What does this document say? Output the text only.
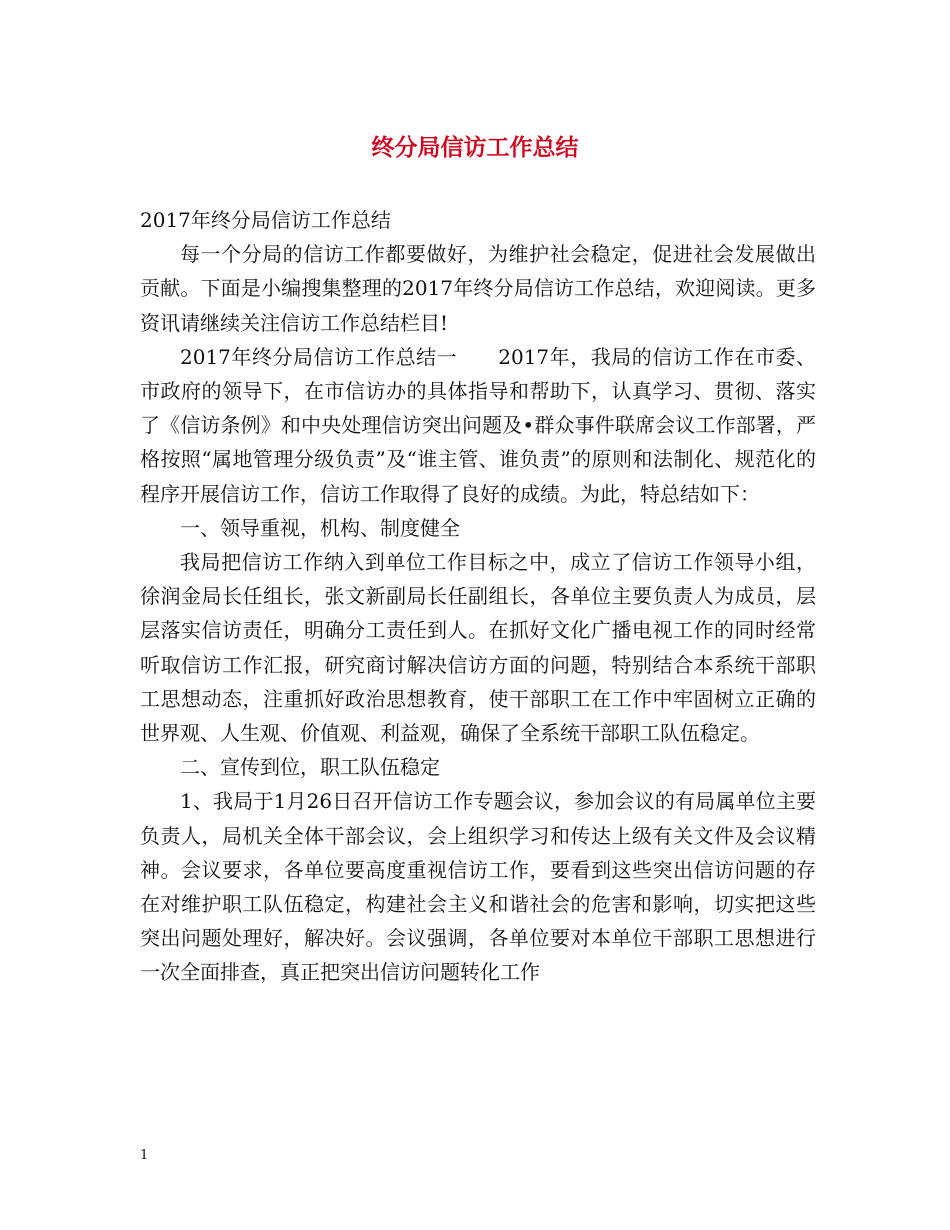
终分局信访工作总结

2017年终分局信访工作总结

每一个分局的信访工作都要做好，为维护社会稳定，促进社会发展做出贡献。下面是小编搜集整理的2017年终分局信访工作总结，欢迎阅读。更多资讯请继续关注信访工作总结栏目!

2017年终分局信访工作总结一　　2017年，我局的信访工作在市委、市政府的领导下，在市信访办的具体指导和帮助下，认真学习、贯彻、落实了《信访条例》和中央处理信访突出问题及•群众事件联席会议工作部署，严格按照“属地管理分级负责”及“谁主管、谁负责”的原则和法制化、规范化的程序开展信访工作，信访工作取得了良好的成绩。为此，特总结如下：

一、领导重视，机构、制度健全

我局把信访工作纳入到单位工作目标之中，成立了信访工作领导小组，徐润金局长任组长，张文新副局长任副组长，各单位主要负责人为成员，层层落实信访责任，明确分工责任到人。在抓好文化广播电视工作的同时经常听取信访工作汇报，研究商讨解决信访方面的问题，特别结合本系统干部职工思想动态，注重抓好政治思想教育，使干部职工在工作中牢固树立正确的世界观、人生观、价值观、利益观，确保了全系统干部职工队伍稳定。

二、宣传到位，职工队伍稳定

1、我局于1月26日召开信访工作专题会议，参加会议的有局属单位主要负责人，局机关全体干部会议，会上组织学习和传达上级有关文件及会议精神。会议要求，各单位要高度重视信访工作，要看到这些突出信访问题的存在对维护职工队伍稳定，构建社会主义和谐社会的危害和影响，切实把这些突出问题处理好，解决好。会议强调，各单位要对本单位干部职工思想进行一次全面排查，真正把突出信访问题转化工作

1
